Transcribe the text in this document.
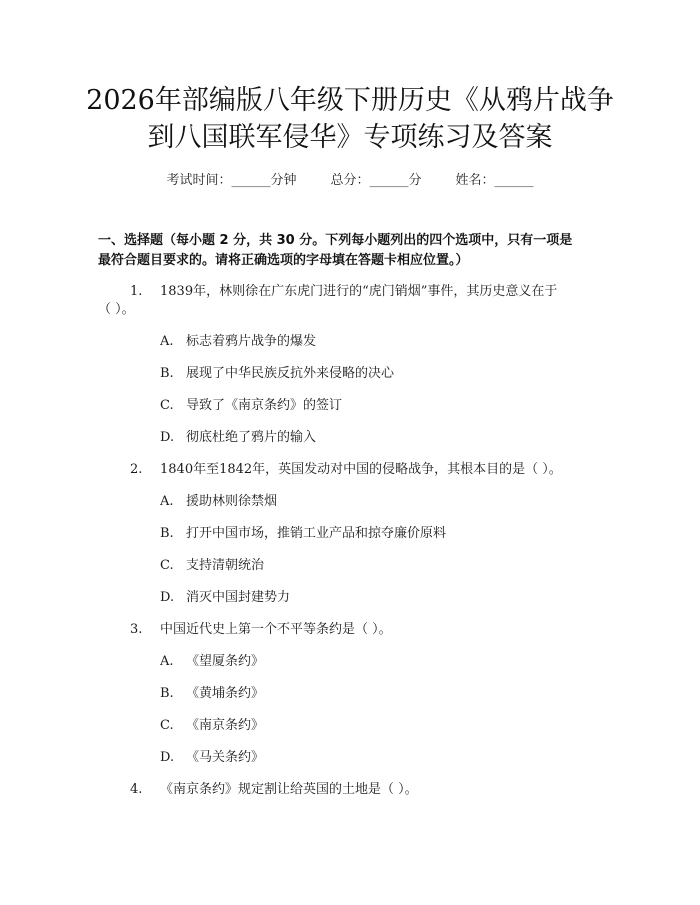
2026年部编版八年级下册历史《从鸦片战争
到八国联军侵华》专项练习及答案
考试时间：______分钟	总分：______分	姓名：______
一、选择题（每小题 2 分，共 30 分。下列每小题列出的四个选项中，只有一项是
最符合题目要求的。请将正确选项的字母填在答题卡相应位置。）
1. 1839年，林则徐在广东虎门进行的“虎门销烟”事件，其历史意义在于
（ ）。
A. 标志着鸦片战争的爆发
B. 展现了中华民族反抗外来侵略的决心
C. 导致了《南京条约》的签订
D. 彻底杜绝了鸦片的输入
2. 1840年至1842年，英国发动对中国的侵略战争，其根本目的是（ ）。
A. 援助林则徐禁烟
B. 打开中国市场，推销工业产品和掠夺廉价原料
C. 支持清朝统治
D. 消灭中国封建势力
3. 中国近代史上第一个不平等条约是（ ）。
A. 《望厦条约》
B. 《黄埔条约》
C. 《南京条约》
D. 《马关条约》
4. 《南京条约》规定割让给英国的土地是（ ）。
